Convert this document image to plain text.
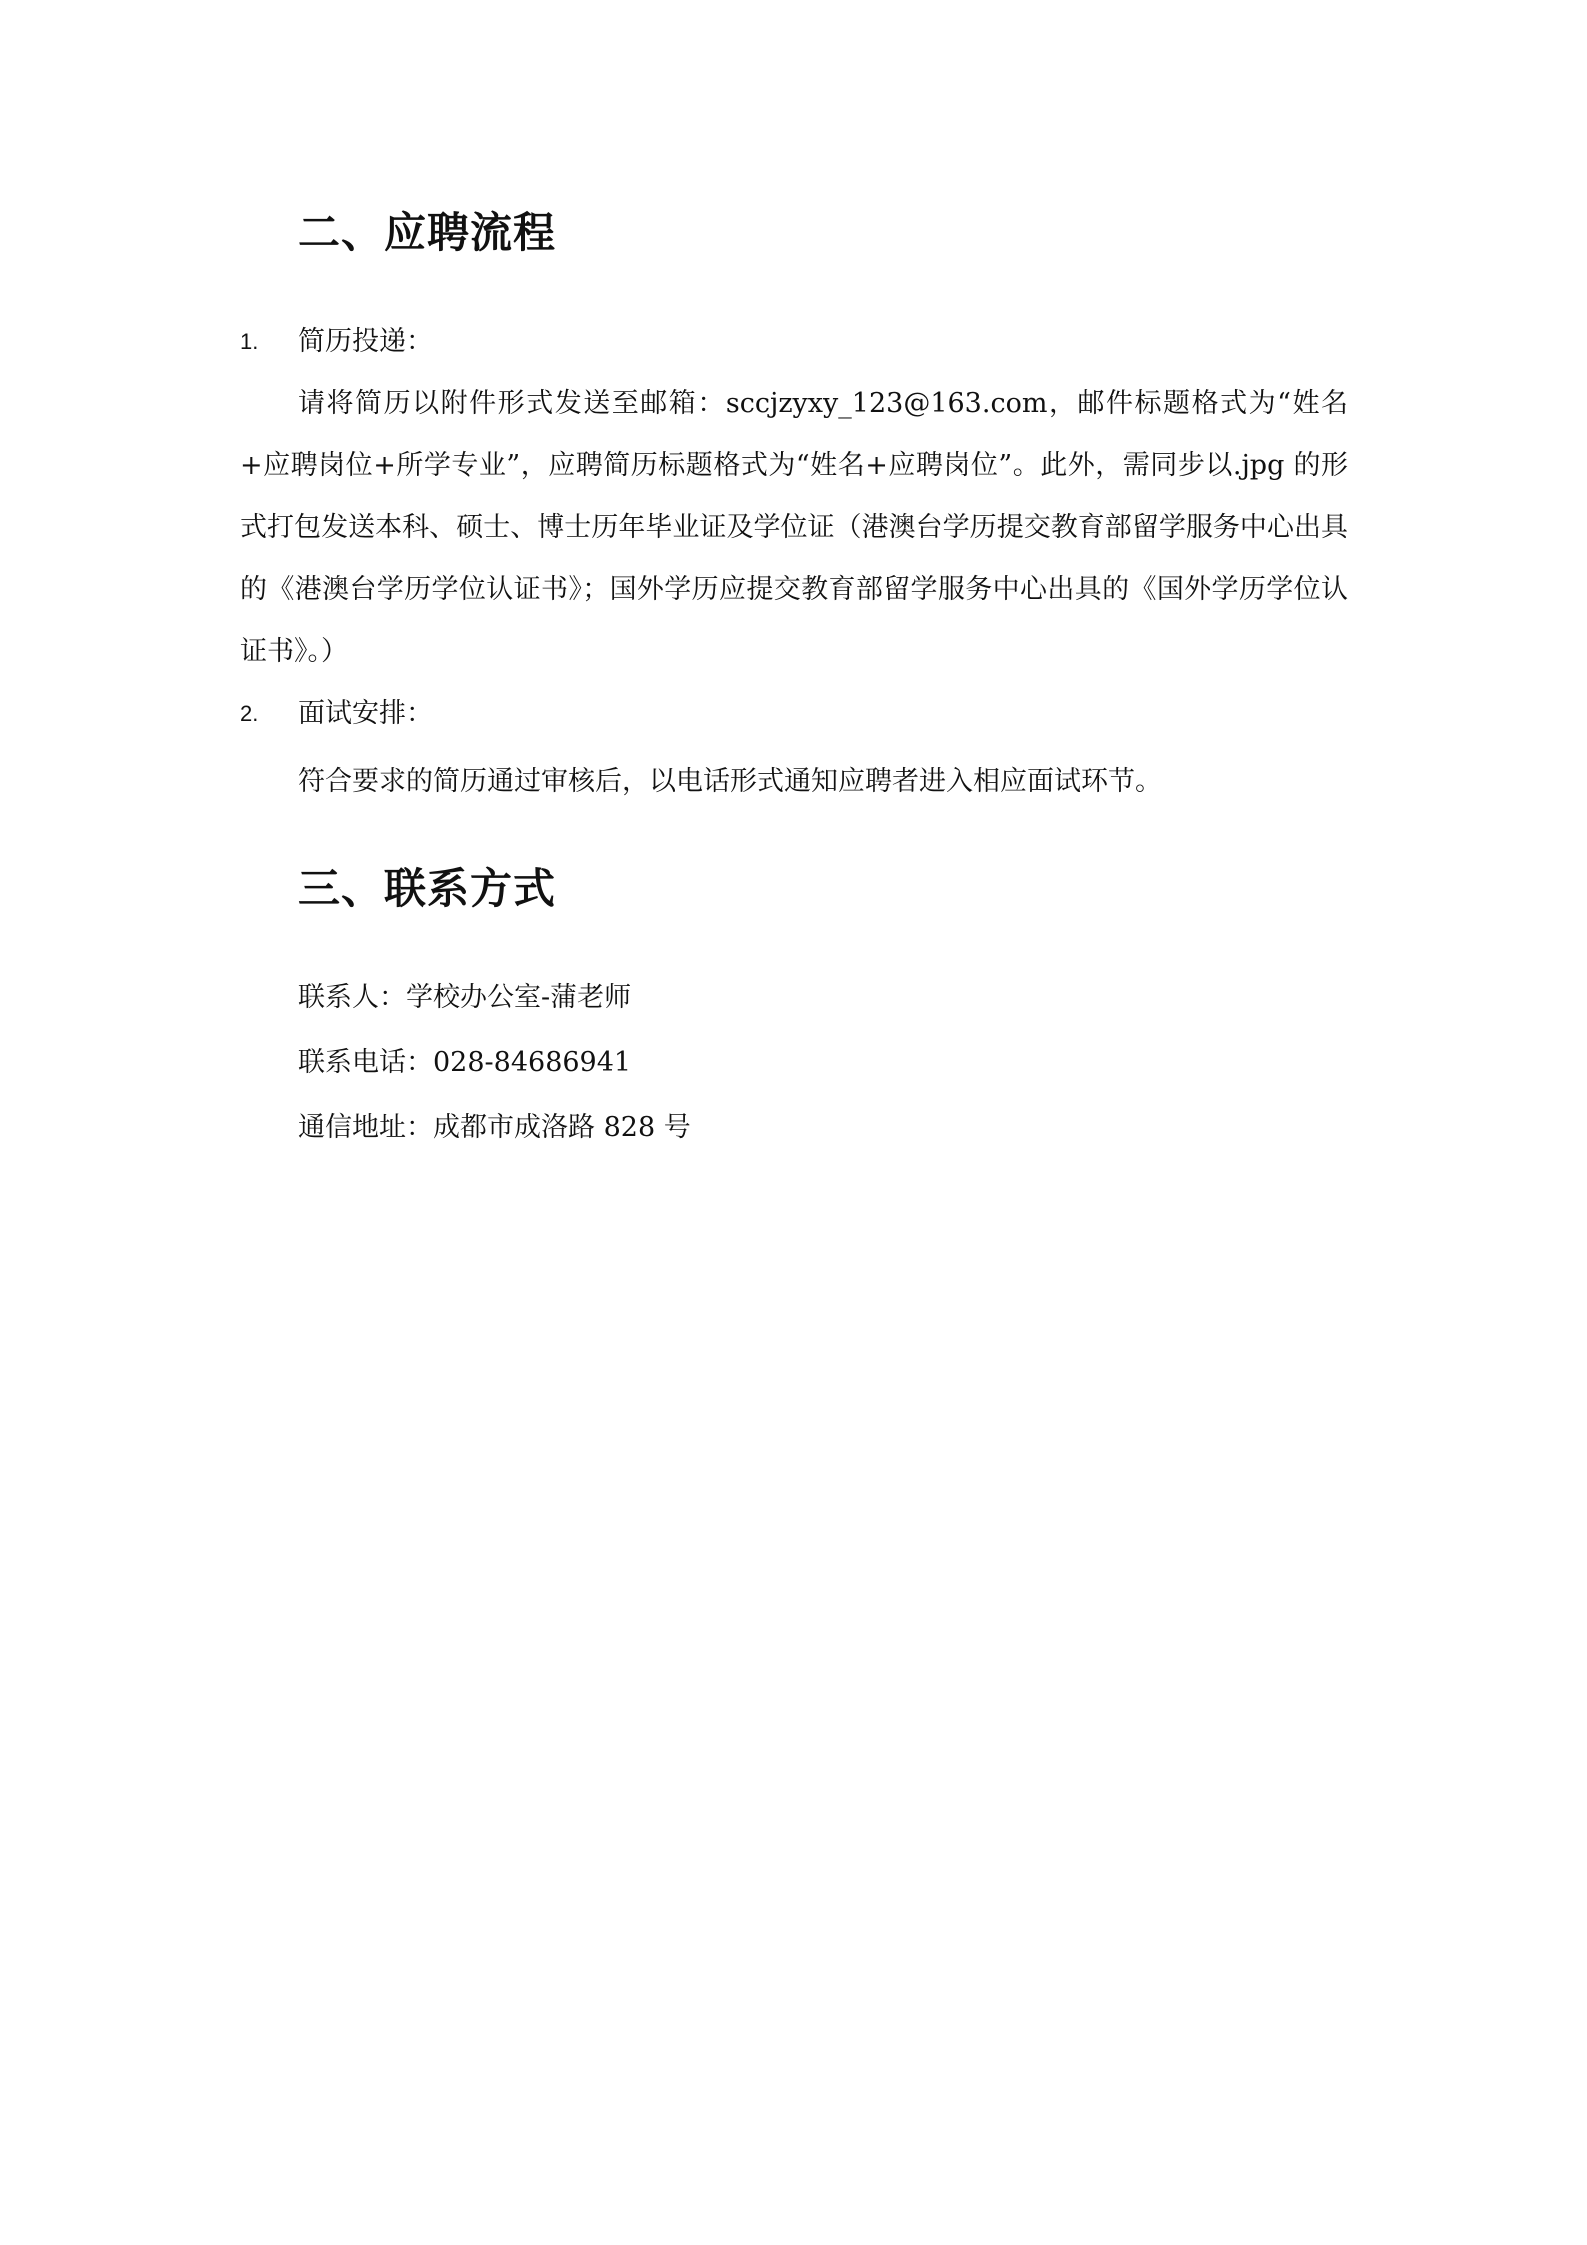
二、应聘流程
1. 简历投递：

请将简历以附件形式发送至邮箱：sccjzyxy_123@163.com，邮件标题格式为“姓名+应聘岗位+所学专业”，应聘简历标题格式为“姓名+应聘岗位”。此外，需同步以.jpg 的形式打包发送本科、硕士、博士历年毕业证及学位证（港澳台学历提交教育部留学服务中心出具的《港澳台学历学位认证书》；国外学历应提交教育部留学服务中心出具的《国外学历学位认证书》。）

2. 面试安排：
符合要求的简历通过审核后，以电话形式通知应聘者进入相应面试环节。
三、联系方式
联系人：学校办公室-蒲老师
联系电话：028-84686941
通信地址：成都市成洛路 828 号
